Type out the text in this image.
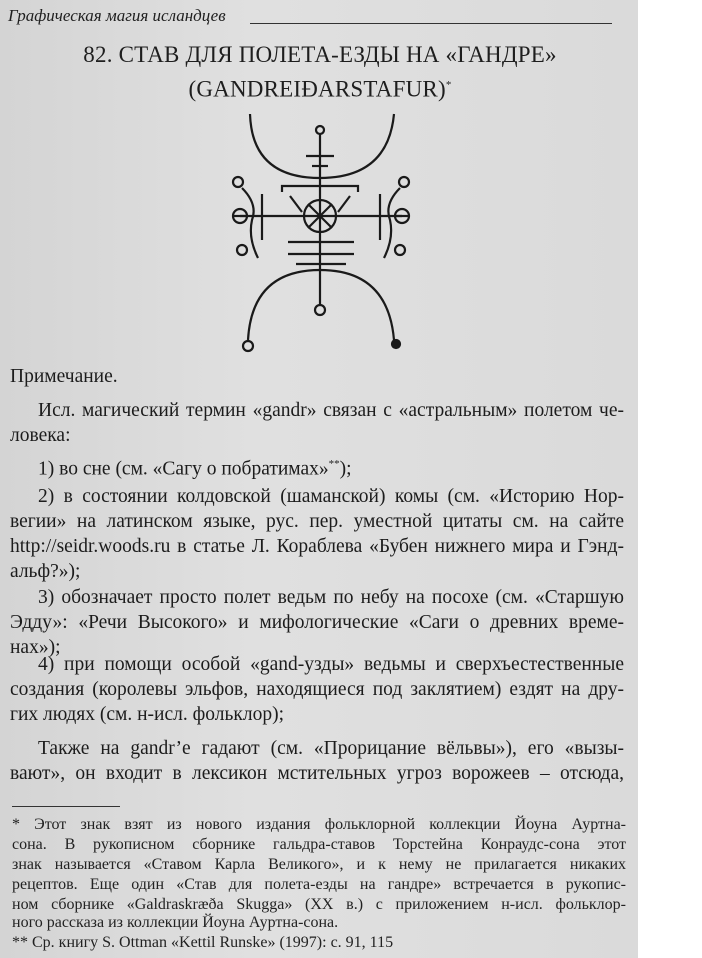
Графическая магия исландцев
82. СТАВ ДЛЯ ПОЛЕТА-ЕЗДЫ НА «ГАНДРЕ»
(GANDREIÐARSTAFUR)*
Примечание.
Исл. магический термин «gandr» связан с «астральным» полетом че-
ловека:
1) во сне (см. «Сагу о побратимах»**);
2) в состоянии колдовской (шаманской) комы (см. «Историю Нор-
вегии» на латинском языке, рус. пер. уместной цитаты см. на сайте
http://seidr.woods.ru в статье Л. Кораблева «Бубен нижнего мира и Гэнд-
альф?»);
3) обозначает просто полет ведьм по небу на посохе (см. «Старшую
Эдду»: «Речи Высокого» и мифологические «Саги о древних време-
нах»);
4) при помощи особой «gand-узды» ведьмы и сверхъестественные
создания (королевы эльфов, находящиеся под заклятием) ездят на дру-
гих людях (см. н-исл. фольклор);
Также на gandr’е гадают (см. «Прорицание вёльвы»), его «вызы-
вают», он входит в лексикон мстительных угроз ворожеев – отсюда,
* Этот знак взят из нового издания фольклорной коллекции Йоуна Ауртна-
сона. В рукописном сборнике гальдра-ставов Торстейна Конраудс-сона этот
знак называется «Ставом Карла Великого», и к нему не прилагается никаких
рецептов. Еще один «Став для полета-езды на гандре» встречается в рукопис-
ном сборнике «Galdraskræða Skugga» (XX в.) с приложением н-исл. фольклор-
ного рассказа из коллекции Йоуна Ауртна-сона.
** Ср. книгу S. Ottman «Kettil Runske» (1997): с. 91, 115
